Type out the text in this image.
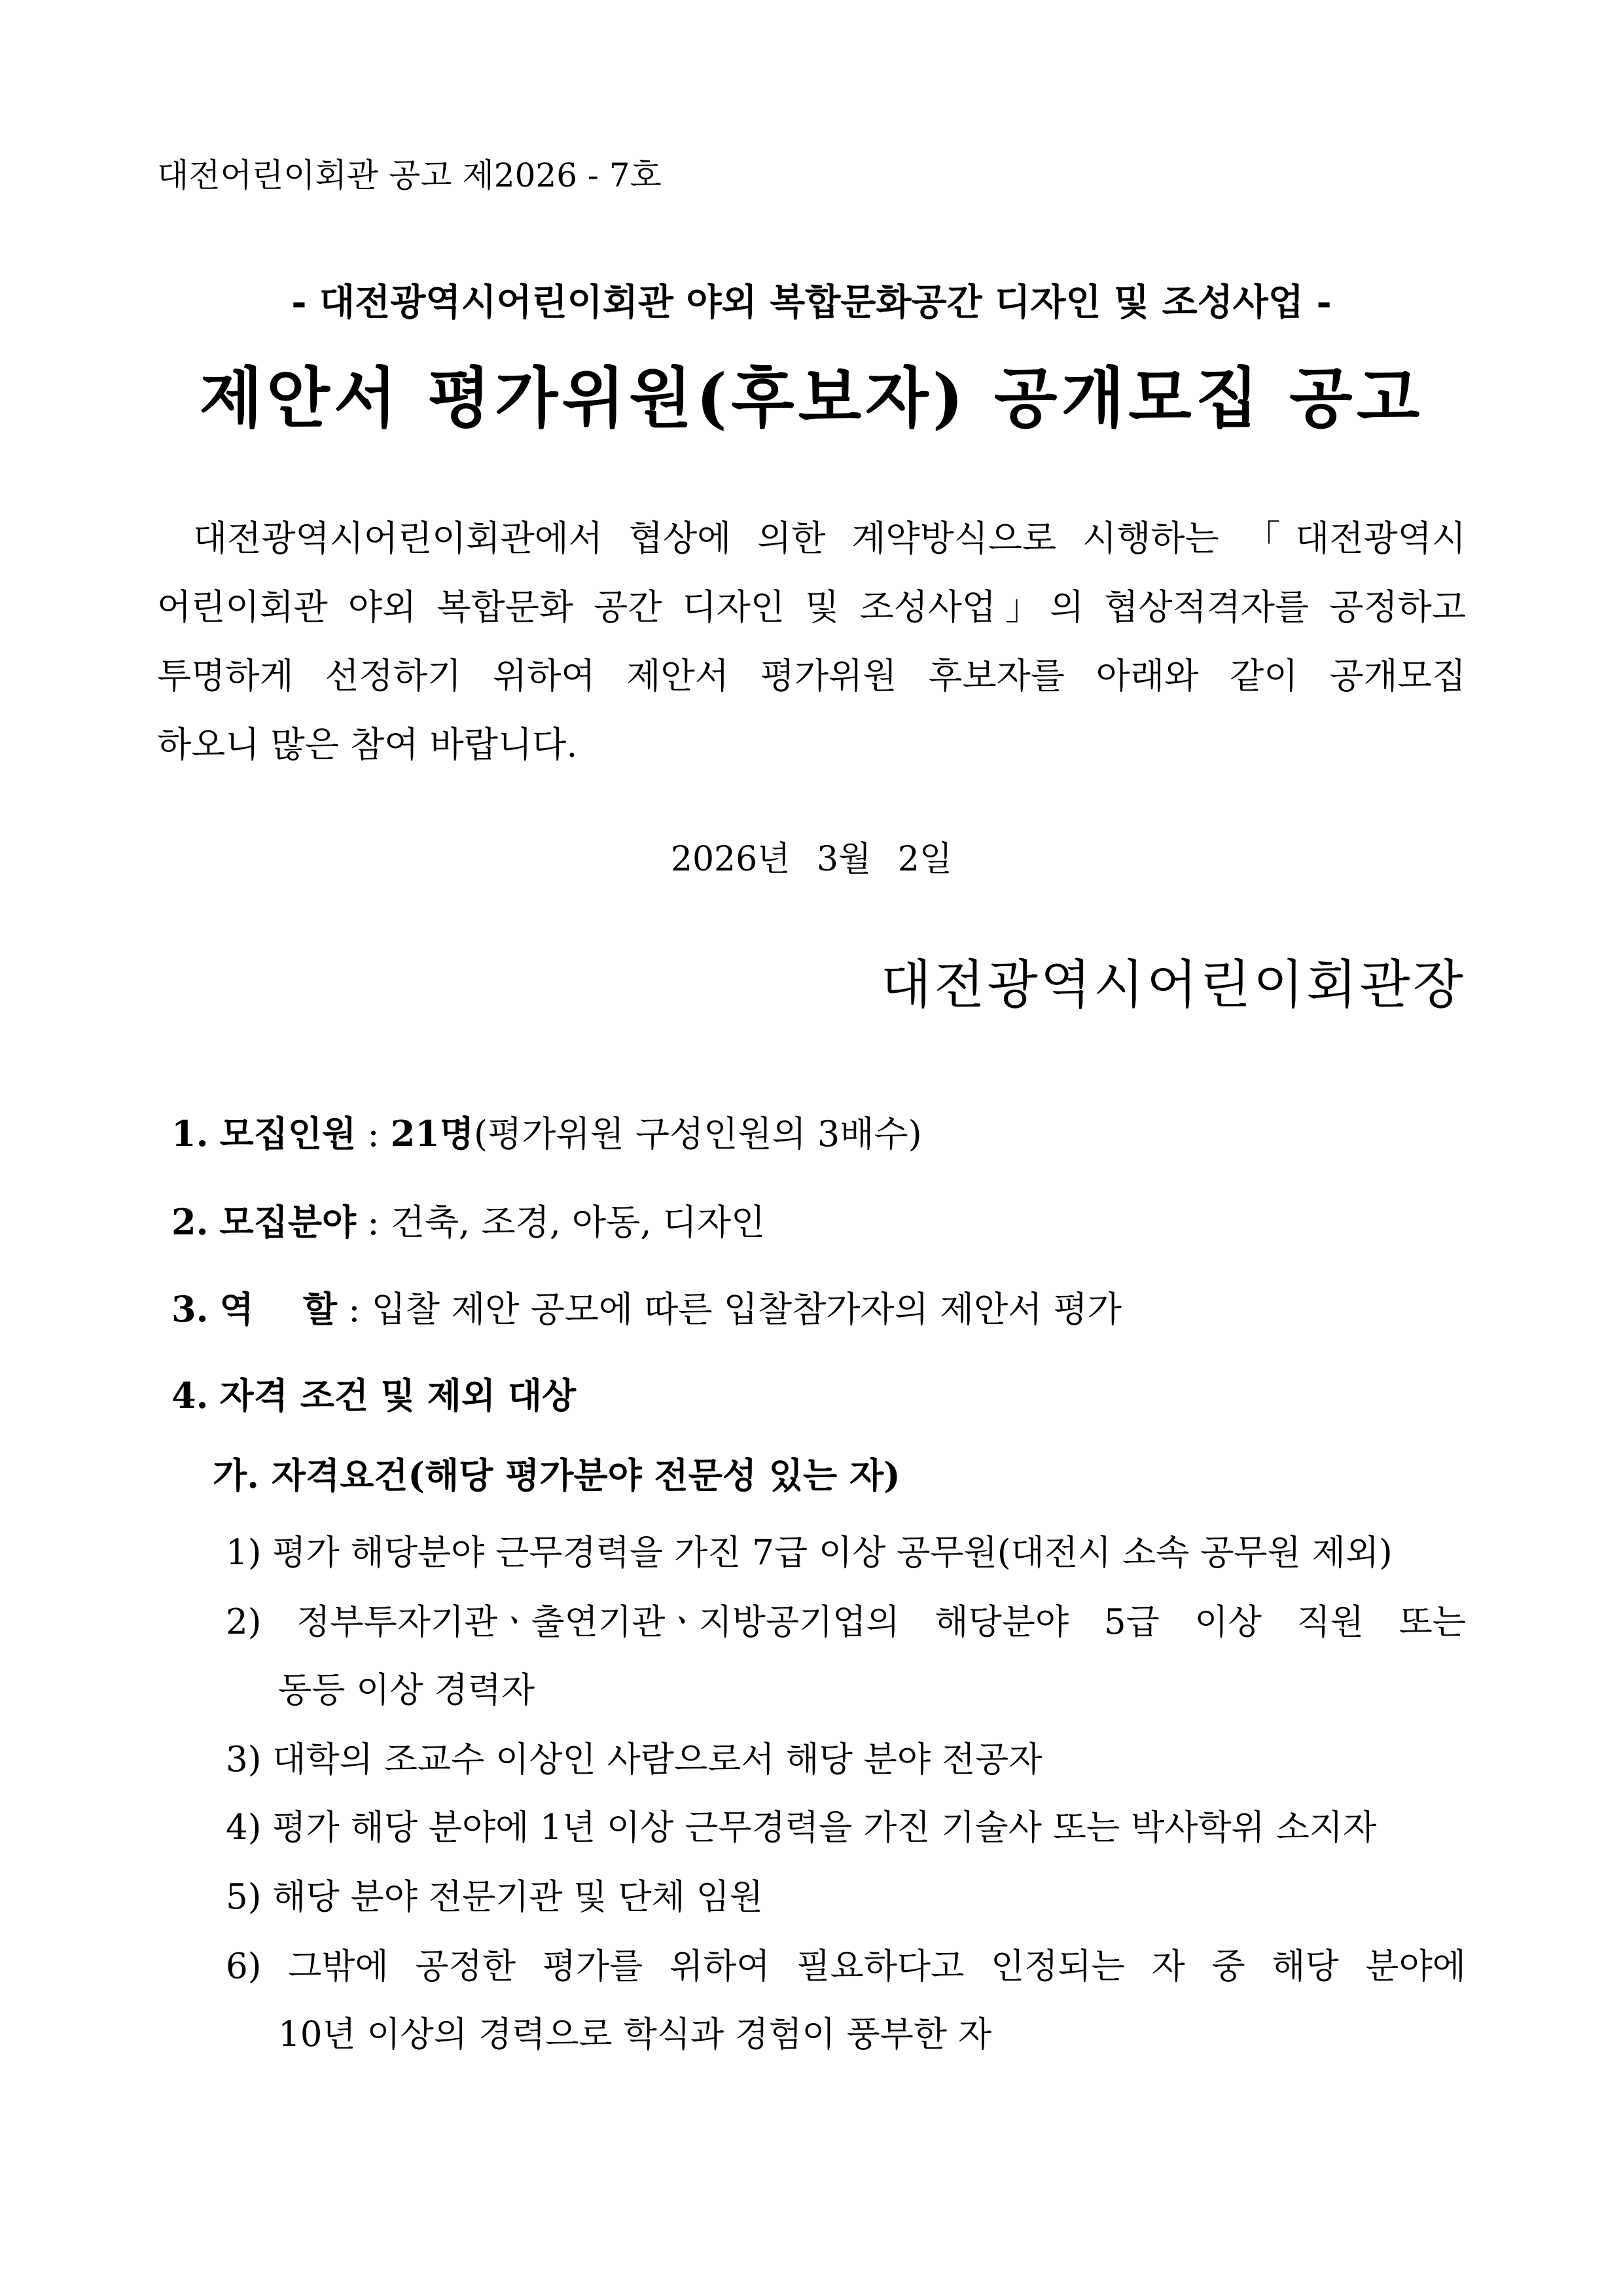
대전어린이회관 공고 제2026 - 7호
- 대전광역시어린이회관 야외 복합문화공간 디자인 및 조성사업 -
제안서 평가위원(후보자) 공개모집 공고
대전광역시어린이회관에서 협상에 의한 계약방식으로 시행하는 「대전광역시
어린이회관 야외 복합문화 공간 디자인 및 조성사업」의 협상적격자를 공정하고
투명하게 선정하기 위하여 제안서 평가위원 후보자를 아래와 같이 공개모집
하오니 많은 참여 바랍니다.
2026년 3월 2일
대전광역시어린이회관장
1. 모집인원 : 21명(평가위원 구성인원의 3배수)
2. 모집분야 : 건축, 조경, 아동, 디자인
3. 역    할 : 입찰 제안 공모에 따른 입찰참가자의 제안서 평가
4. 자격 조건 및 제외 대상
가. 자격요건(해당 평가분야 전문성 있는 자)
1) 평가 해당분야 근무경력을 가진 7급 이상 공무원(대전시 소속 공무원 제외)
2) 정부투자기관ㆍ출연기관ㆍ지방공기업의 해당분야 5급 이상 직원 또는
동등 이상 경력자
3) 대학의 조교수 이상인 사람으로서 해당 분야 전공자
4) 평가 해당 분야에 1년 이상 근무경력을 가진 기술사 또는 박사학위 소지자
5) 해당 분야 전문기관 및 단체 임원
6) 그밖에 공정한 평가를 위하여 필요하다고 인정되는 자 중 해당 분야에
10년 이상의 경력으로 학식과 경험이 풍부한 자
